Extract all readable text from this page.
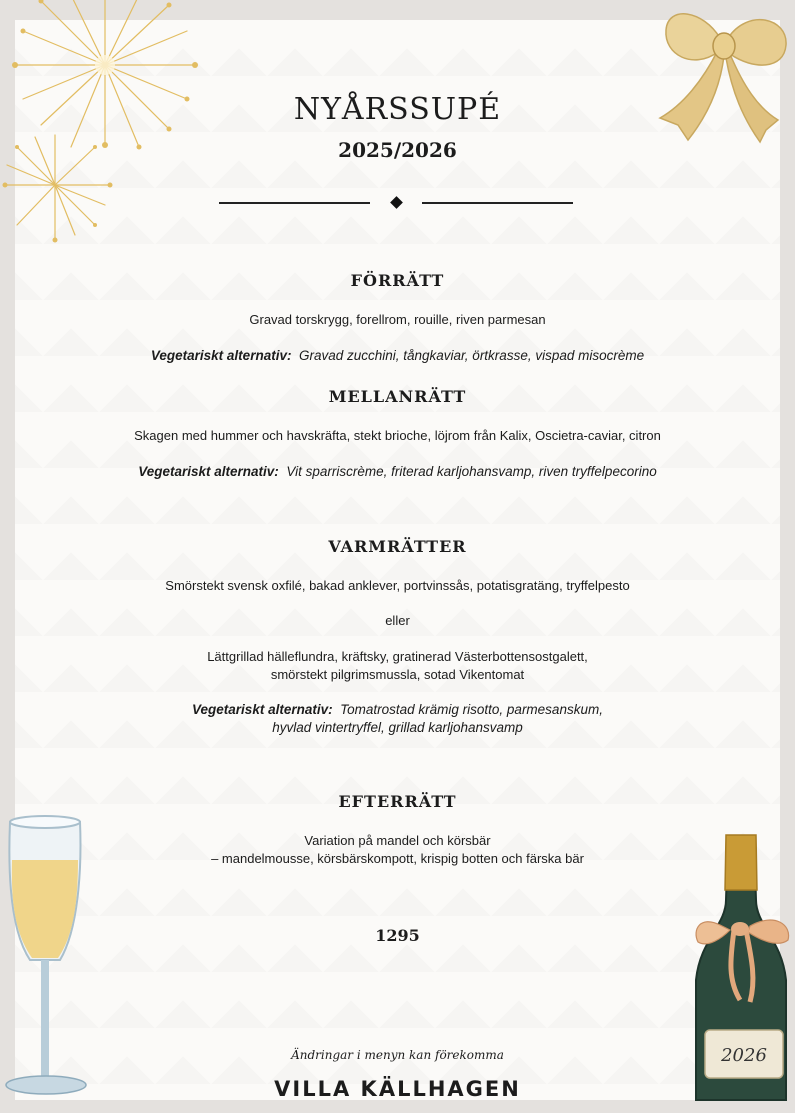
2026
NYÅRSSUPÉ
2025/2026
FÖRRÄTT
Gravad torskrygg, forellrom, rouille, riven parmesan
Vegetariskt alternativ: Gravad zucchini, tångkaviar, örtkrasse, vispad misocrème
MELLANRÄTT
Skagen med hummer och havskräfta, stekt brioche, löjrom från Kalix, Oscietra-caviar, citron
Vegetariskt alternativ: Vit sparriscrème, friterad karljohansvamp, riven tryffelpecorino
VARMRÄTTER
Smörstekt svensk oxfilé, bakad anklever, portvinssås, potatisgratäng, tryffelpesto
eller
Lättgrillad hälleflundra, kräftsky, gratinerad Västerbottensostgalett,
smörstekt pilgrimsmussla, sotad Vikentomat
Vegetariskt alternativ: Tomatrostad krämig risotto, parmesanskum,
hyvlad vintertryffel, grillad karljohansvamp
EFTERRÄTT
Variation på mandel och körsbär
– mandelmousse, körsbärskompott, krispig botten och färska bär
1295
Ändringar i menyn kan förekomma
VILLA KÄLLHAGEN
